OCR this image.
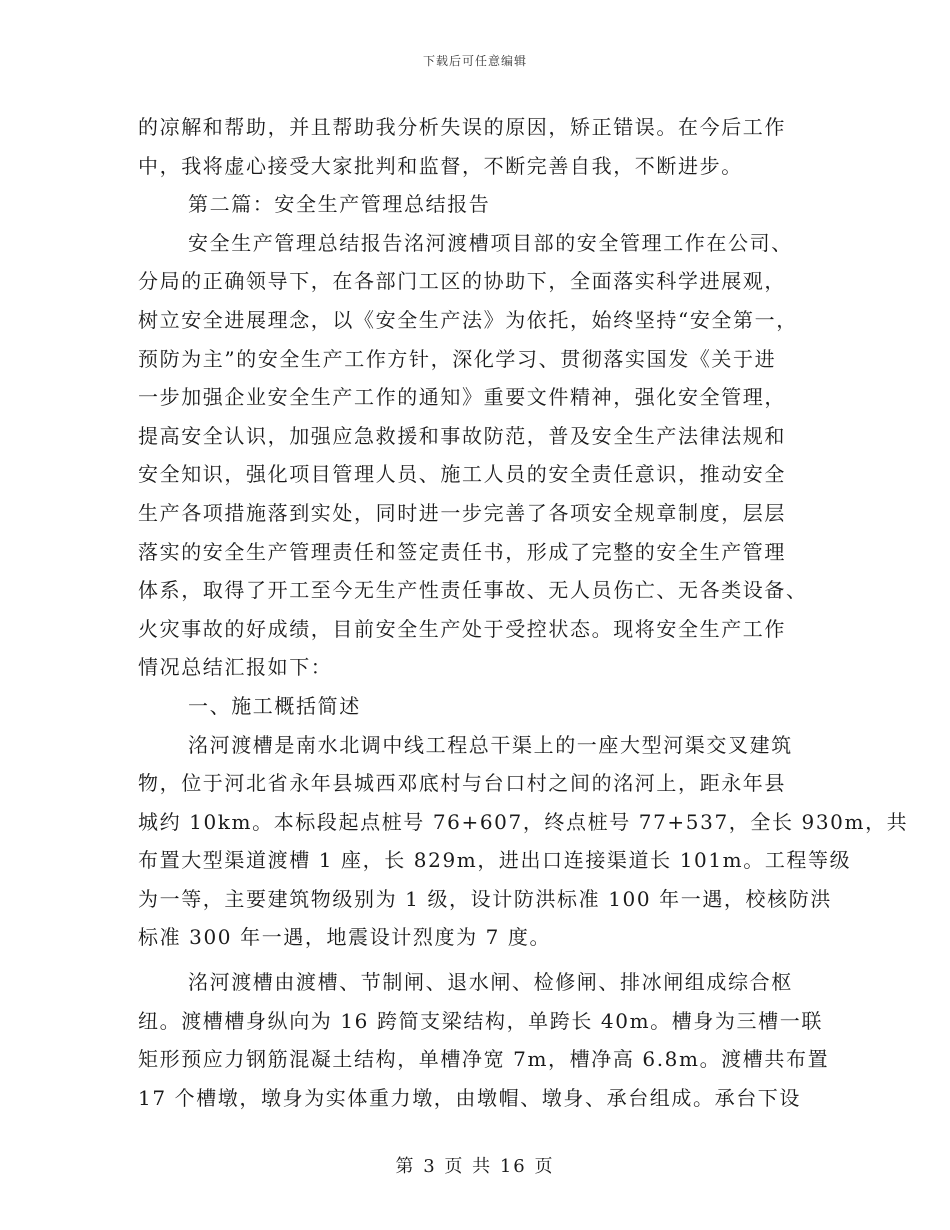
下载后可任意编辑
的凉解和帮助，并且帮助我分析失误的原因，矫正错误。在今后工作
中，我将虚心接受大家批判和监督，不断完善自我，不断进步。
第二篇：安全生产管理总结报告
安全生产管理总结报告洺河渡槽项目部的安全管理工作在公司、
分局的正确领导下，在各部门工区的协助下，全面落实科学进展观，
树立安全进展理念，以《安全生产法》为依托，始终坚持“安全第一，
预防为主”的安全生产工作方针，深化学习、贯彻落实国发《关于进
一步加强企业安全生产工作的通知》重要文件精神，强化安全管理，
提高安全认识，加强应急救援和事故防范，普及安全生产法律法规和
安全知识，强化项目管理人员、施工人员的安全责任意识，推动安全
生产各项措施落到实处，同时进一步完善了各项安全规章制度，层层
落实的安全生产管理责任和签定责任书，形成了完整的安全生产管理
体系，取得了开工至今无生产性责任事故、无人员伤亡、无各类设备、
火灾事故的好成绩，目前安全生产处于受控状态。现将安全生产工作
情况总结汇报如下：
一、施工概括简述
洺河渡槽是南水北调中线工程总干渠上的一座大型河渠交叉建筑
物，位于河北省永年县城西邓底村与台口村之间的洺河上，距永年县
城约 10km。本标段起点桩号 76+607，终点桩号 77+537，全长 930m，共
布置大型渠道渡槽 1 座，长 829m，进出口连接渠道长 101m。工程等级
为一等，主要建筑物级别为 1 级，设计防洪标准 100 年一遇，校核防洪
标准 300 年一遇，地震设计烈度为 7 度。
洺河渡槽由渡槽、节制闸、退水闸、检修闸、排冰闸组成综合枢
纽。渡槽槽身纵向为 16 跨简支梁结构，单跨长 40m。槽身为三槽一联
矩形预应力钢筋混凝土结构，单槽净宽 7m，槽净高 6.8m。渡槽共布置
17 个槽墩，墩身为实体重力墩，由墩帽、墩身、承台组成。承台下设
第 3 页 共 16 页
